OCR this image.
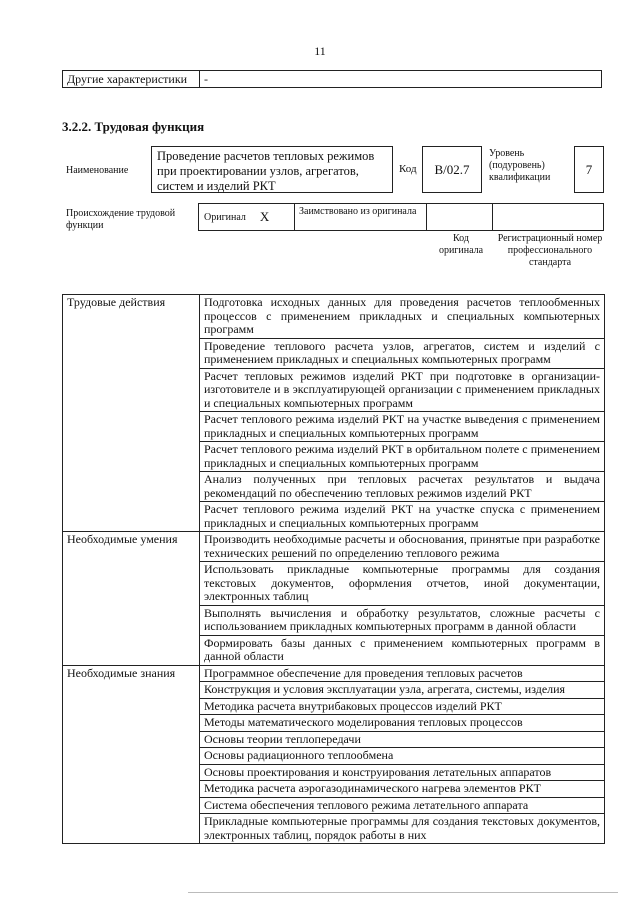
11
Другие характеристики	-
3.2.2. Трудовая функция
Наименование
Проведение расчетов тепловых режимов при проектировании узлов, агрегатов, систем и изделий РКТ
Код	B/02.7
Уровень (подуровень) квалификации
7
Происхождение трудовой функции
Оригинал X	Заимствовано из оригинала
Код оригинала
Регистрационный номер профессионального стандарта
Трудовые действия	Подготовка исходных данных для проведения расчетов теплообменных процессов с применением прикладных и специальных компьютерных программ
	Проведение теплового расчета узлов, агрегатов, систем и изделий с применением прикладных и специальных компьютерных программ
	Расчет тепловых режимов изделий РКТ при подготовке в организации-изготовителе и в эксплуатирующей организации с применением прикладных и специальных компьютерных программ
	Расчет теплового режима изделий РКТ на участке выведения с применением прикладных и специальных компьютерных программ
	Расчет теплового режима изделий РКТ в орбитальном полете с применением прикладных и специальных компьютерных программ
	Анализ полученных при тепловых расчетах результатов и выдача рекомендаций по обеспечению тепловых режимов изделий РКТ
	Расчет теплового режима изделий РКТ на участке спуска с применением прикладных и специальных компьютерных программ
Необходимые умения	Производить необходимые расчеты и обоснования, принятые при разработке технических решений по определению теплового режима
	Использовать прикладные компьютерные программы для создания текстовых документов, оформления отчетов, иной документации, электронных таблиц
	Выполнять вычисления и обработку результатов, сложные расчеты с использованием прикладных компьютерных программ в данной области
	Формировать базы данных с применением компьютерных программ в данной области
Необходимые знания	Программное обеспечение для проведения тепловых расчетов
	Конструкция и условия эксплуатации узла, агрегата, системы, изделия
	Методика расчета внутрибаковых процессов изделий РКТ
	Методы математического моделирования тепловых процессов
	Основы теории теплопередачи
	Основы радиационного теплообмена
	Основы проектирования и конструирования летательных аппаратов
	Методика расчета аэрогазодинамического нагрева элементов РКТ
	Система обеспечения теплового режима летательного аппарата
	Прикладные компьютерные программы для создания текстовых документов, электронных таблиц, порядок работы в них
